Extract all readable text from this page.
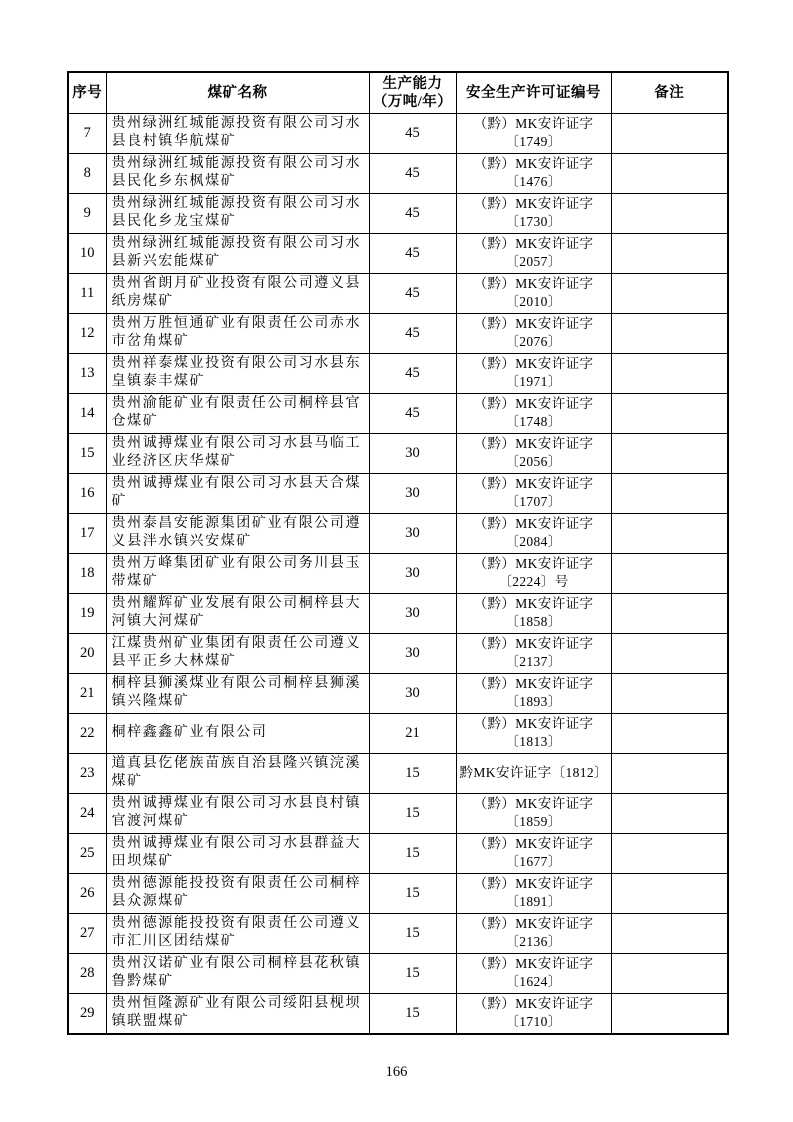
序号	煤矿名称	生产能力（万吨/年）	安全生产许可证编号	备注
7	贵州绿洲红城能源投资有限公司习水县良村镇华航煤矿	45	（黔）MK安许证字〔1749〕	
8	贵州绿洲红城能源投资有限公司习水县民化乡东枫煤矿	45	（黔）MK安许证字〔1476〕	
9	贵州绿洲红城能源投资有限公司习水县民化乡龙宝煤矿	45	（黔）MK安许证字〔1730〕	
10	贵州绿洲红城能源投资有限公司习水县新兴宏能煤矿	45	（黔）MK安许证字〔2057〕	
11	贵州省朗月矿业投资有限公司遵义县纸房煤矿	45	（黔）MK安许证字〔2010〕	
12	贵州万胜恒通矿业有限责任公司赤水市岔角煤矿	45	（黔）MK安许证字〔2076〕	
13	贵州祥泰煤业投资有限公司习水县东皇镇泰丰煤矿	45	（黔）MK安许证字〔1971〕	
14	贵州渝能矿业有限责任公司桐梓县官仓煤矿	45	（黔）MK安许证字〔1748〕	
15	贵州诚搏煤业有限公司习水县马临工业经济区庆华煤矿	30	（黔）MK安许证字〔2056〕	
16	贵州诚搏煤业有限公司习水县天合煤矿	30	（黔）MK安许证字〔1707〕	
17	贵州泰昌安能源集团矿业有限公司遵义县泮水镇兴安煤矿	30	（黔）MK安许证字〔2084〕	
18	贵州万峰集团矿业有限公司务川县玉带煤矿	30	（黔）MK安许证字〔2224〕号	
19	贵州耀辉矿业发展有限公司桐梓县大河镇大河煤矿	30	（黔）MK安许证字〔1858〕	
20	江煤贵州矿业集团有限责任公司遵义县平正乡大林煤矿	30	（黔）MK安许证字〔2137〕	
21	桐梓县狮溪煤业有限公司桐梓县狮溪镇兴隆煤矿	30	（黔）MK安许证字〔1893〕	
22	桐梓鑫鑫矿业有限公司	21	（黔）MK安许证字〔1813〕	
23	道真县仡佬族苗族自治县隆兴镇浣溪煤矿	15	黔MK安许证字〔1812〕	
24	贵州诚搏煤业有限公司习水县良村镇官渡河煤矿	15	（黔）MK安许证字〔1859〕	
25	贵州诚搏煤业有限公司习水县群益大田坝煤矿	15	（黔）MK安许证字〔1677〕	
26	贵州德源能投投资有限责任公司桐梓县众源煤矿	15	（黔）MK安许证字〔1891〕	
27	贵州德源能投投资有限责任公司遵义市汇川区团结煤矿	15	（黔）MK安许证字〔2136〕	
28	贵州汉诺矿业有限公司桐梓县花秋镇鲁黔煤矿	15	（黔）MK安许证字〔1624〕	
29	贵州恒隆源矿业有限公司绥阳县枧坝镇联盟煤矿	15	（黔）MK安许证字〔1710〕	
166
